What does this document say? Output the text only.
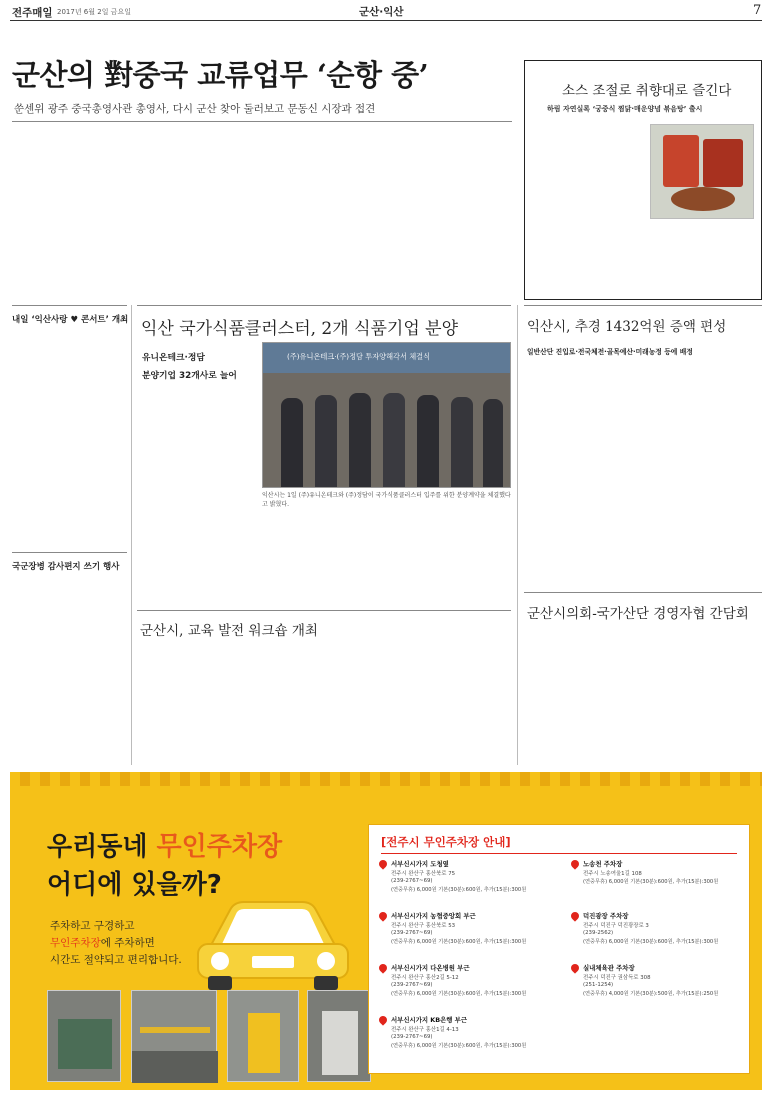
전주매일 2017년 6월 2일 금요일	군산·익산	7
군산의 對중국 교류업무 ‘순항 중’
쑨센위 광주 중국총영사관 총영사, 다시 군산 찾아 둘러보고 문동신 시장과 접견
소스 조절로 취향대로 즐긴다
하림 자연실록 ‘궁중식 찜닭·매운양념 볶음탕’ 출시
내일 ‘익산사랑 ♥ 콘서트’ 개최
국군장병 감사편지 쓰기 행사
익산 국가식품클러스터, 2개 식품기업 분양
유니온테크·정담
분양기업 32개사로 늘어
(주)유니온테크·(주)정담 투자양해각서 체결식
익산시는 1일 (주)유니온테크와 (주)정담이 국가식품클러스터 입주를 위한 분양계약을 체결했다고 밝혔다.
군산시, 교육 발전 워크숍 개최
익산시, 추경 1432억원 증액 편성
일반산단 진입로·전국체전·골목예산·미래농정 등에 배정
군산시의회-국가산단 경영자협 간담회
우리동네 무인주차장
어디에 있을까?
주차하고 구경하고
무인주차장에 주차하면
시간도 절약되고 편리합니다.
[전주시 무인주차장 안내]
서부신시가지 도청옆
전주시 완산구 홍산북로 75
(239-2767~69)
(연중무휴) 6,000원 기본(30분):600원, 추가(15분):300원
서부신시가지 농협중앙회 부근
전주시 완산구 홍산북로 53
(239-2767~69)
(연중무휴) 6,000원 기본(30분):600원, 추가(15분):300원
서부신시가지 다온병원 부근
전주시 완산구 홍산2길 5-12
(239-2767~69)
(연중무휴) 6,000원 기본(30분):600원, 추가(15분):300원
서부신시가지 KB은행 부근
전주시 완산구 홍산1길 4-13
(239-2767~69)
(연중무휴) 6,000원 기본(30분):600원, 추가(15분):300원
노송천 주차장
전주시 노송여울1길 108
(연중무휴) 6,000원 기본(30분):600원, 추가(15분):300원
덕진광장 주차장
전주시 덕진구 덕진광장로 3
(239-2562)
(연중무휴) 6,000원 기본(30분):600원, 추가(15분):300원
실내체육관 주차장
전주시 덕진구 권삼득로 308
(251-1254)
(연중무휴) 4,000원 기본(30분):500원, 추가(15분):250원
